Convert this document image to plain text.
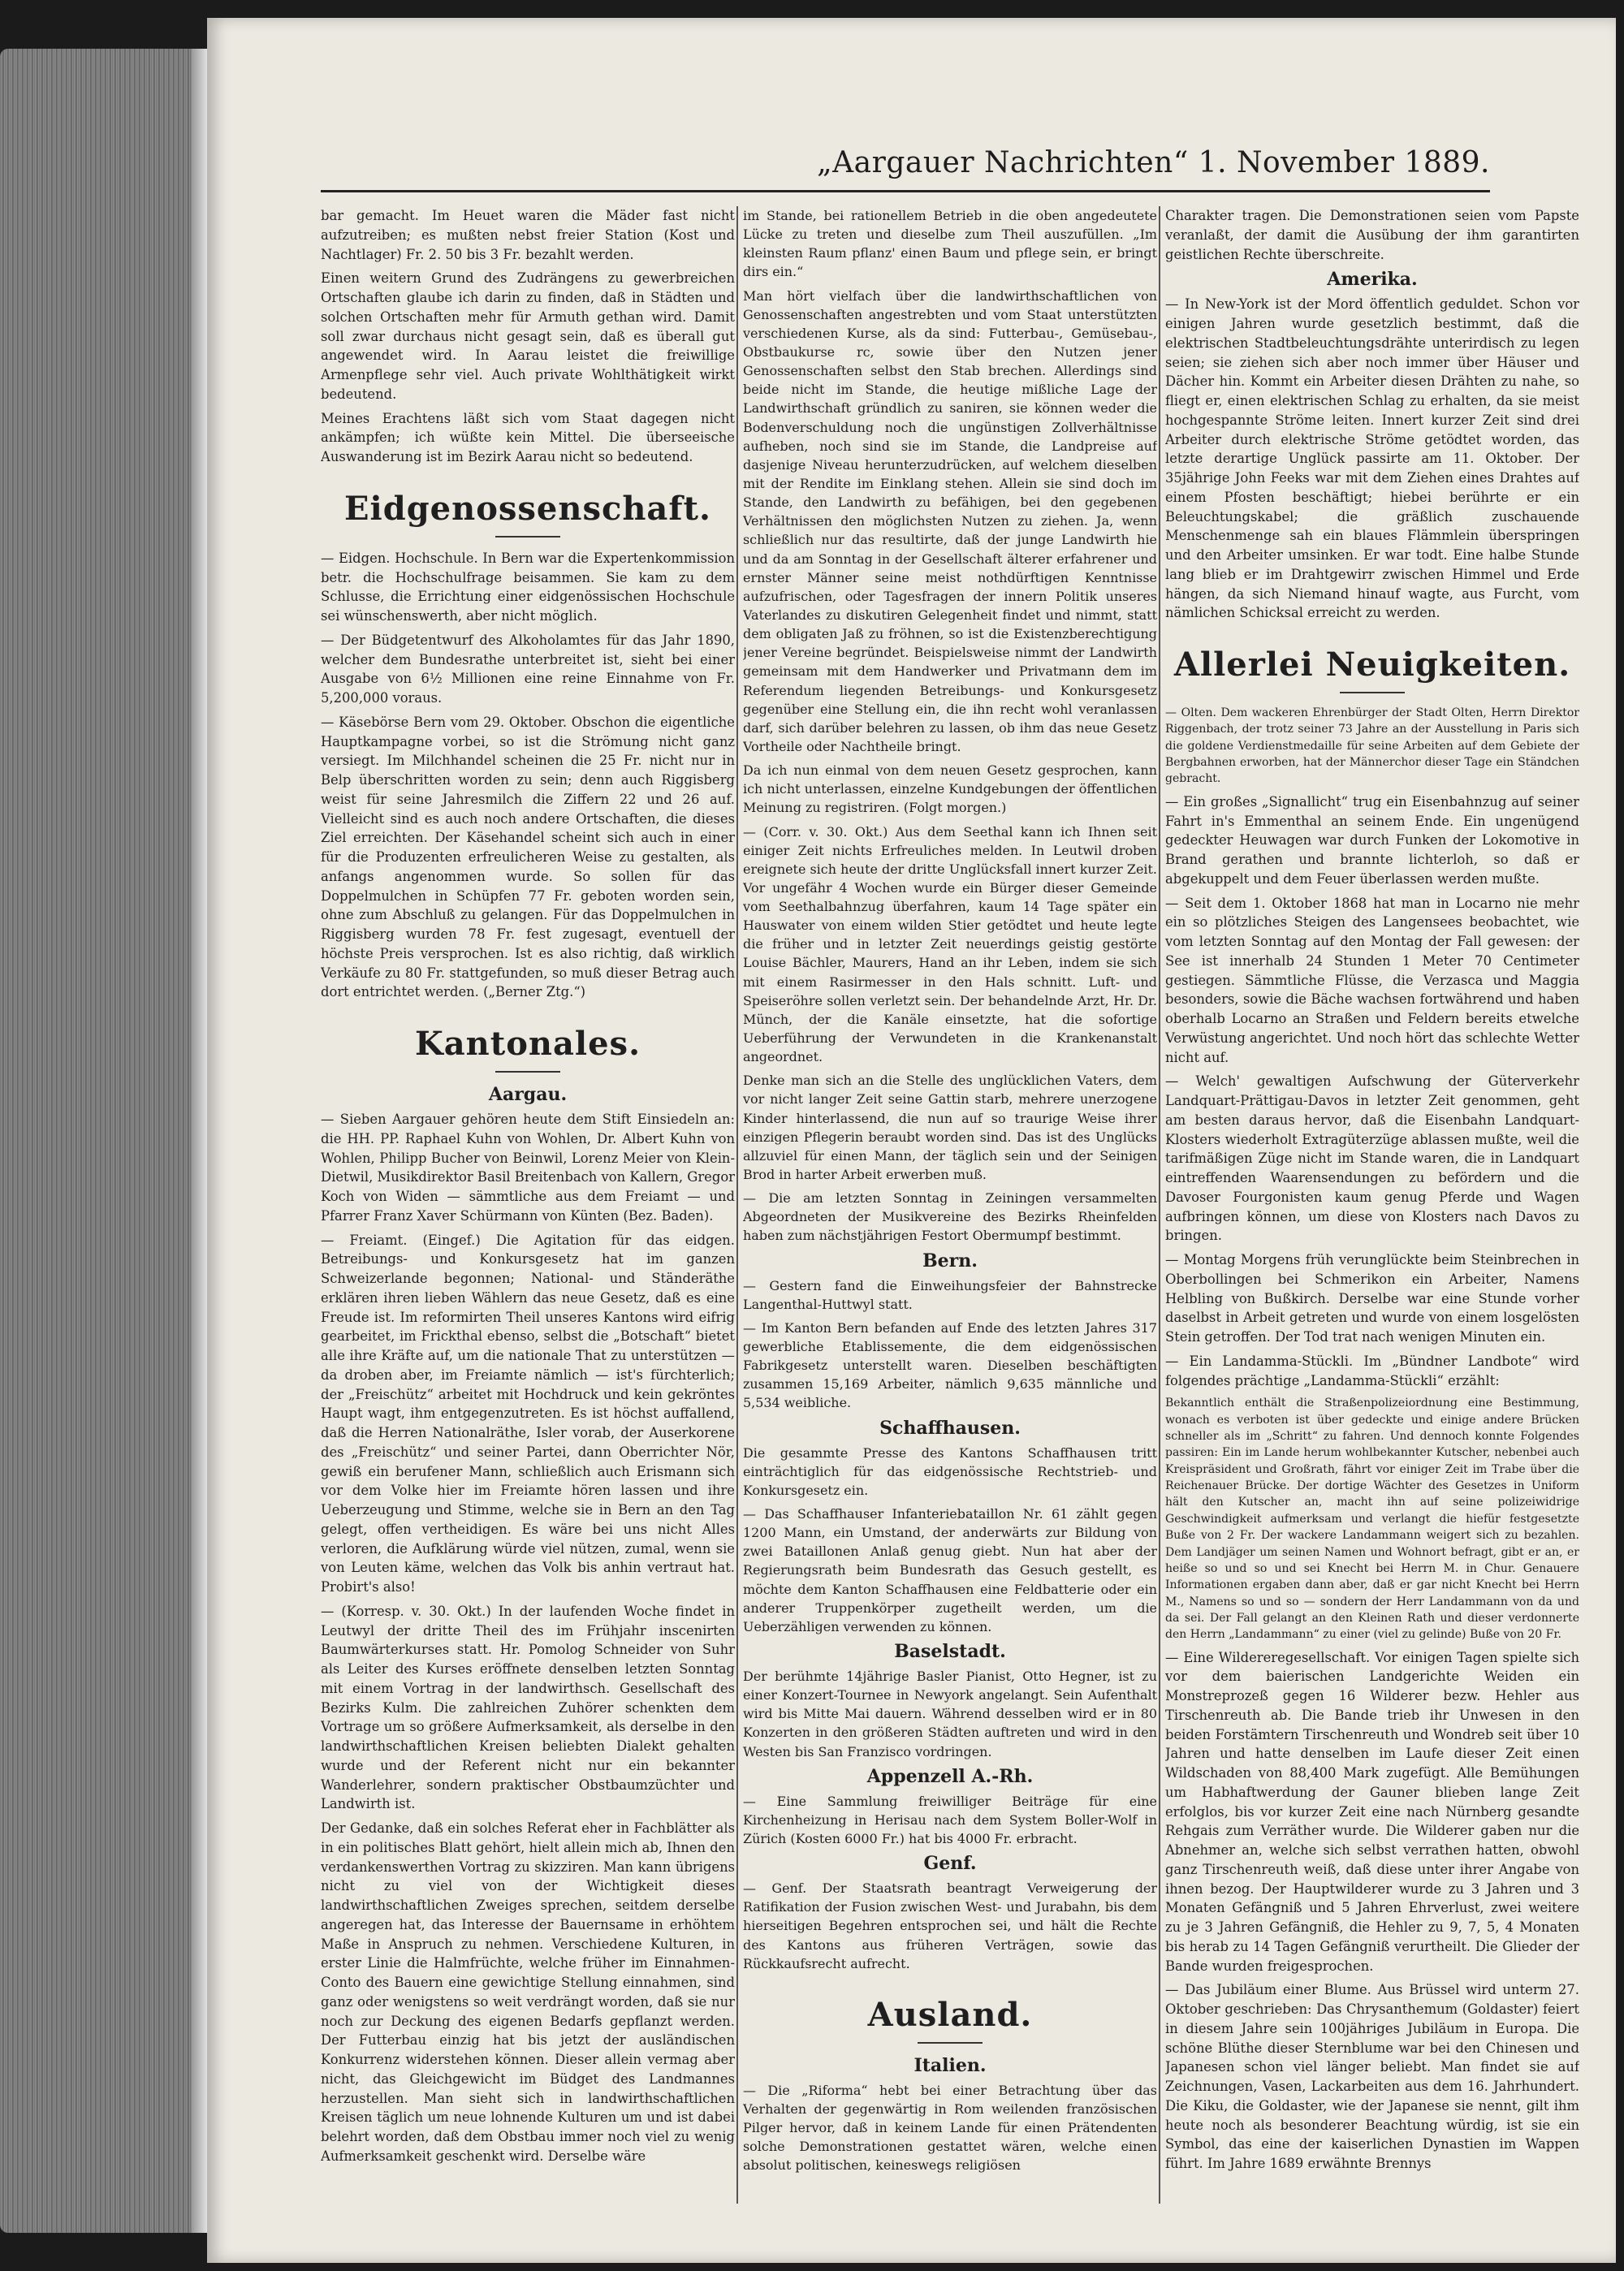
„Aargauer Nachrichten“ 1. November 1889.
bar gemacht. Im Heuet waren die Mäder fast nicht aufzutreiben; es mußten nebst freier Station (Kost und Nachtlager) Fr. 2. 50 bis 3 Fr. bezahlt werden.
Einen weitern Grund des Zudrängens zu gewerbreichen Ortschaften glaube ich darin zu finden, daß in Städten und solchen Ortschaften mehr für Armuth gethan wird. Damit soll zwar durchaus nicht gesagt sein, daß es überall gut angewendet wird. In Aarau leistet die freiwillige Armenpflege sehr viel. Auch private Wohlthätigkeit wirkt bedeutend.
Meines Erachtens läßt sich vom Staat dagegen nicht ankämpfen; ich wüßte kein Mittel. Die überseeische Auswanderung ist im Bezirk Aarau nicht so bedeutend.
Eidgenossenschaft.
— Eidgen. Hochschule. In Bern war die Expertenkommission betr. die Hochschulfrage beisammen. Sie kam zu dem Schlusse, die Errichtung einer eidgenössischen Hochschule sei wünschenswerth, aber nicht möglich.
— Der Büdgetentwurf des Alkoholamtes für das Jahr 1890, welcher dem Bundesrathe unterbreitet ist, sieht bei einer Ausgabe von 6½ Millionen eine reine Einnahme von Fr. 5,200,000 voraus.
— Käsebörse Bern vom 29. Oktober. Obschon die eigentliche Hauptkampagne vorbei, so ist die Strömung nicht ganz versiegt. Im Milchhandel scheinen die 25 Fr. nicht nur in Belp überschritten worden zu sein; denn auch Riggisberg weist für seine Jahresmilch die Ziffern 22 und 26 auf. Vielleicht sind es auch noch andere Ortschaften, die dieses Ziel erreichten. Der Käsehandel scheint sich auch in einer für die Produzenten erfreulicheren Weise zu gestalten, als anfangs angenommen wurde. So sollen für das Doppelmulchen in Schüpfen 77 Fr. geboten worden sein, ohne zum Abschluß zu gelangen. Für das Doppelmulchen in Riggisberg wurden 78 Fr. fest zugesagt, eventuell der höchste Preis versprochen. Ist es also richtig, daß wirklich Verkäufe zu 80 Fr. stattgefunden, so muß dieser Betrag auch dort entrichtet werden. („Berner Ztg.“)
Kantonales.
Aargau.
— Sieben Aargauer gehören heute dem Stift Einsiedeln an: die HH. PP. Raphael Kuhn von Wohlen, Dr. Albert Kuhn von Wohlen, Philipp Bucher von Beinwil, Lorenz Meier von Klein-Dietwil, Musikdirektor Basil Breitenbach von Kallern, Gregor Koch von Widen — sämmtliche aus dem Freiamt — und Pfarrer Franz Xaver Schürmann von Künten (Bez. Baden).
— Freiamt. (Eingef.) Die Agitation für das eidgen. Betreibungs- und Konkursgesetz hat im ganzen Schweizerlande begonnen; National- und Ständeräthe erklären ihren lieben Wählern das neue Gesetz, daß es eine Freude ist. Im reformirten Theil unseres Kantons wird eifrig gearbeitet, im Frickthal ebenso, selbst die „Botschaft“ bietet alle ihre Kräfte auf, um die nationale That zu unterstützen — da droben aber, im Freiamte nämlich — ist's fürchterlich; der „Freischütz“ arbeitet mit Hochdruck und kein gekröntes Haupt wagt, ihm entgegenzutreten. Es ist höchst auffallend, daß die Herren Nationalräthe, Isler vorab, der Auserkorene des „Freischütz“ und seiner Partei, dann Oberrichter Nör, gewiß ein berufener Mann, schließlich auch Erismann sich vor dem Volke hier im Freiamte hören lassen und ihre Ueberzeugung und Stimme, welche sie in Bern an den Tag gelegt, offen vertheidigen. Es wäre bei uns nicht Alles verloren, die Aufklärung würde viel nützen, zumal, wenn sie von Leuten käme, welchen das Volk bis anhin vertraut hat. Probirt's also!
— (Korresp. v. 30. Okt.) In der laufenden Woche findet in Leutwyl der dritte Theil des im Frühjahr inscenirten Baumwärterkurses statt. Hr. Pomolog Schneider von Suhr als Leiter des Kurses eröffnete denselben letzten Sonntag mit einem Vortrag in der landwirthsch. Gesellschaft des Bezirks Kulm. Die zahlreichen Zuhörer schenkten dem Vortrage um so größere Aufmerksamkeit, als derselbe in den landwirthschaftlichen Kreisen beliebten Dialekt gehalten wurde und der Referent nicht nur ein bekannter Wanderlehrer, sondern praktischer Obstbaumzüchter und Landwirth ist.
Der Gedanke, daß ein solches Referat eher in Fachblätter als in ein politisches Blatt gehört, hielt allein mich ab, Ihnen den verdankenswerthen Vortrag zu skizziren. Man kann übrigens nicht zu viel von der Wichtigkeit dieses landwirthschaftlichen Zweiges sprechen, seitdem derselbe angeregen hat, das Interesse der Bauernsame in erhöhtem Maße in Anspruch zu nehmen. Verschiedene Kulturen, in erster Linie die Halmfrüchte, welche früher im Einnahmen-Conto des Bauern eine gewichtige Stellung einnahmen, sind ganz oder wenigstens so weit verdrängt worden, daß sie nur noch zur Deckung des eigenen Bedarfs gepflanzt werden. Der Futterbau einzig hat bis jetzt der ausländischen Konkurrenz widerstehen können. Dieser allein vermag aber nicht, das Gleichgewicht im Büdget des Landmannes herzustellen. Man sieht sich in landwirthschaftlichen Kreisen täglich um neue lohnende Kulturen um und ist dabei belehrt worden, daß dem Obstbau immer noch viel zu wenig Aufmerksamkeit geschenkt wird. Derselbe wäre
im Stande, bei rationellem Betrieb in die oben angedeutete Lücke zu treten und dieselbe zum Theil auszufüllen. „Im kleinsten Raum pflanz' einen Baum und pflege sein, er bringt dirs ein.“
Man hört vielfach über die landwirthschaftlichen von Genossenschaften angestrebten und vom Staat unterstützten verschiedenen Kurse, als da sind: Futterbau-, Gemüsebau-, Obstbaukurse rc, sowie über den Nutzen jener Genossenschaften selbst den Stab brechen. Allerdings sind beide nicht im Stande, die heutige mißliche Lage der Landwirthschaft gründlich zu saniren, sie können weder die Bodenverschuldung noch die ungünstigen Zollverhältnisse aufheben, noch sind sie im Stande, die Landpreise auf dasjenige Niveau herunterzudrücken, auf welchem dieselben mit der Rendite im Einklang stehen. Allein sie sind doch im Stande, den Landwirth zu befähigen, bei den gegebenen Verhältnissen den möglichsten Nutzen zu ziehen. Ja, wenn schließlich nur das resultirte, daß der junge Landwirth hie und da am Sonntag in der Gesellschaft älterer erfahrener und ernster Männer seine meist nothdürftigen Kenntnisse aufzufrischen, oder Tagesfragen der innern Politik unseres Vaterlandes zu diskutiren Gelegenheit findet und nimmt, statt dem obligaten Jaß zu fröhnen, so ist die Existenzberechtigung jener Vereine begründet. Beispielsweise nimmt der Landwirth gemeinsam mit dem Handwerker und Privatmann dem im Referendum liegenden Betreibungs- und Konkursgesetz gegenüber eine Stellung ein, die ihn recht wohl veranlassen darf, sich darüber belehren zu lassen, ob ihm das neue Gesetz Vortheile oder Nachtheile bringt.
Da ich nun einmal von dem neuen Gesetz gesprochen, kann ich nicht unterlassen, einzelne Kundgebungen der öffentlichen Meinung zu registriren. (Folgt morgen.)
— (Corr. v. 30. Okt.) Aus dem Seethal kann ich Ihnen seit einiger Zeit nichts Erfreuliches melden. In Leutwil droben ereignete sich heute der dritte Unglücksfall innert kurzer Zeit. Vor ungefähr 4 Wochen wurde ein Bürger dieser Gemeinde vom Seethalbahnzug überfahren, kaum 14 Tage später ein Hauswater von einem wilden Stier getödtet und heute legte die früher und in letzter Zeit neuerdings geistig gestörte Louise Bächler, Maurers, Hand an ihr Leben, indem sie sich mit einem Rasirmesser in den Hals schnitt. Luft- und Speiseröhre sollen verletzt sein. Der behandelnde Arzt, Hr. Dr. Münch, der die Kanäle einsetzte, hat die sofortige Ueberführung der Verwundeten in die Krankenanstalt angeordnet.
Denke man sich an die Stelle des unglücklichen Vaters, dem vor nicht langer Zeit seine Gattin starb, mehrere unerzogene Kinder hinterlassend, die nun auf so traurige Weise ihrer einzigen Pflegerin beraubt worden sind. Das ist des Unglücks allzuviel für einen Mann, der täglich sein und der Seinigen Brod in harter Arbeit erwerben muß.
— Die am letzten Sonntag in Zeiningen versammelten Abgeordneten der Musikvereine des Bezirks Rheinfelden haben zum nächstjährigen Festort Obermumpf bestimmt.
Bern.
— Gestern fand die Einweihungsfeier der Bahnstrecke Langenthal-Huttwyl statt.
— Im Kanton Bern befanden auf Ende des letzten Jahres 317 gewerbliche Etablissemente, die dem eidgenössischen Fabrikgesetz unterstellt waren. Dieselben beschäftigten zusammen 15,169 Arbeiter, nämlich 9,635 männliche und 5,534 weibliche.
Schaffhausen.
Die gesammte Presse des Kantons Schaffhausen tritt einträchtiglich für das eidgenössische Rechtstrieb- und Konkursgesetz ein.
— Das Schaffhauser Infanteriebataillon Nr. 61 zählt gegen 1200 Mann, ein Umstand, der anderwärts zur Bildung von zwei Bataillonen Anlaß genug giebt. Nun hat aber der Regierungsrath beim Bundesrath das Gesuch gestellt, es möchte dem Kanton Schaffhausen eine Feldbatterie oder ein anderer Truppenkörper zugetheilt werden, um die Ueberzähligen verwenden zu können.
Baselstadt.
Der berühmte 14jährige Basler Pianist, Otto Hegner, ist zu einer Konzert-Tournee in Newyork angelangt. Sein Aufenthalt wird bis Mitte Mai dauern. Während desselben wird er in 80 Konzerten in den größeren Städten auftreten und wird in den Westen bis San Franzisco vordringen.
Appenzell A.-Rh.
— Eine Sammlung freiwilliger Beiträge für eine Kirchenheizung in Herisau nach dem System Boller-Wolf in Zürich (Kosten 6000 Fr.) hat bis 4000 Fr. erbracht.
Genf.
— Genf. Der Staatsrath beantragt Verweigerung der Ratifikation der Fusion zwischen West- und Jurabahn, bis dem hierseitigen Begehren entsprochen sei, und hält die Rechte des Kantons aus früheren Verträgen, sowie das Rückkaufsrecht aufrecht.
Ausland.
Italien.
— Die „Riforma“ hebt bei einer Betrachtung über das Verhalten der gegenwärtig in Rom weilenden französischen Pilger hervor, daß in keinem Lande für einen Prätendenten solche Demonstrationen gestattet wären, welche einen absolut politischen, keineswegs religiösen
Charakter tragen. Die Demonstrationen seien vom Papste veranlaßt, der damit die Ausübung der ihm garantirten geistlichen Rechte überschreite.
Amerika.
— In New-York ist der Mord öffentlich geduldet. Schon vor einigen Jahren wurde gesetzlich bestimmt, daß die elektrischen Stadtbeleuchtungsdrähte unterirdisch zu legen seien; sie ziehen sich aber noch immer über Häuser und Dächer hin. Kommt ein Arbeiter diesen Drähten zu nahe, so fliegt er, einen elektrischen Schlag zu erhalten, da sie meist hochgespannte Ströme leiten. Innert kurzer Zeit sind drei Arbeiter durch elektrische Ströme getödtet worden, das letzte derartige Unglück passirte am 11. Oktober. Der 35jährige John Feeks war mit dem Ziehen eines Drahtes auf einem Pfosten beschäftigt; hiebei berührte er ein Beleuchtungskabel; die gräßlich zuschauende Menschenmenge sah ein blaues Flämmlein überspringen und den Arbeiter umsinken. Er war todt. Eine halbe Stunde lang blieb er im Drahtgewirr zwischen Himmel und Erde hängen, da sich Niemand hinauf wagte, aus Furcht, vom nämlichen Schicksal erreicht zu werden.
Allerlei Neuigkeiten.
— Olten. Dem wackeren Ehrenbürger der Stadt Olten, Herrn Direktor Riggenbach, der trotz seiner 73 Jahre an der Ausstellung in Paris sich die goldene Verdienstmedaille für seine Arbeiten auf dem Gebiete der Bergbahnen erworben, hat der Männerchor dieser Tage ein Ständchen gebracht.
— Ein großes „Signallicht“ trug ein Eisenbahnzug auf seiner Fahrt in's Emmenthal an seinem Ende. Ein ungenügend gedeckter Heuwagen war durch Funken der Lokomotive in Brand gerathen und brannte lichterloh, so daß er abgekuppelt und dem Feuer überlassen werden mußte.
— Seit dem 1. Oktober 1868 hat man in Locarno nie mehr ein so plötzliches Steigen des Langensees beobachtet, wie vom letzten Sonntag auf den Montag der Fall gewesen: der See ist innerhalb 24 Stunden 1 Meter 70 Centimeter gestiegen. Sämmtliche Flüsse, die Verzasca und Maggia besonders, sowie die Bäche wachsen fortwährend und haben oberhalb Locarno an Straßen und Feldern bereits etwelche Verwüstung angerichtet. Und noch hört das schlechte Wetter nicht auf.
— Welch' gewaltigen Aufschwung der Güterverkehr Landquart-Prättigau-Davos in letzter Zeit genommen, geht am besten daraus hervor, daß die Eisenbahn Landquart-Klosters wiederholt Extragüterzüge ablassen mußte, weil die tarifmäßigen Züge nicht im Stande waren, die in Landquart eintreffenden Waarensendungen zu befördern und die Davoser Fourgonisten kaum genug Pferde und Wagen aufbringen können, um diese von Klosters nach Davos zu bringen.
— Montag Morgens früh verunglückte beim Steinbrechen in Oberbollingen bei Schmerikon ein Arbeiter, Namens Helbling von Bußkirch. Derselbe war eine Stunde vorher daselbst in Arbeit getreten und wurde von einem losgelösten Stein getroffen. Der Tod trat nach wenigen Minuten ein.
— Ein Landamma-Stückli. Im „Bündner Landbote“ wird folgendes prächtige „Landamma-Stückli“ erzählt:
Bekanntlich enthält die Straßenpolizeiordnung eine Bestimmung, wonach es verboten ist über gedeckte und einige andere Brücken schneller als im „Schritt“ zu fahren. Und dennoch konnte Folgendes passiren: Ein im Lande herum wohlbekannter Kutscher, nebenbei auch Kreispräsident und Großrath, fährt vor einiger Zeit im Trabe über die Reichenauer Brücke. Der dortige Wächter des Gesetzes in Uniform hält den Kutscher an, macht ihn auf seine polizeiwidrige Geschwindigkeit aufmerksam und verlangt die hiefür festgesetzte Buße von 2 Fr. Der wackere Landammann weigert sich zu bezahlen. Dem Landjäger um seinen Namen und Wohnort befragt, gibt er an, er heiße so und so und sei Knecht bei Herrn M. in Chur. Genauere Informationen ergaben dann aber, daß er gar nicht Knecht bei Herrn M., Namens so und so — sondern der Herr Landammann von da und da sei. Der Fall gelangt an den Kleinen Rath und dieser verdonnerte den Herrn „Landammann“ zu einer (viel zu gelinde) Buße von 20 Fr.
— Eine Wildereregesellschaft. Vor einigen Tagen spielte sich vor dem baierischen Landgerichte Weiden ein Monstreprozeß gegen 16 Wilderer bezw. Hehler aus Tirschenreuth ab. Die Bande trieb ihr Unwesen in den beiden Forstämtern Tirschenreuth und Wondreb seit über 10 Jahren und hatte denselben im Laufe dieser Zeit einen Wildschaden von 88,400 Mark zugefügt. Alle Bemühungen um Habhaftwerdung der Gauner blieben lange Zeit erfolglos, bis vor kurzer Zeit eine nach Nürnberg gesandte Rehgais zum Verräther wurde. Die Wilderer gaben nur die Abnehmer an, welche sich selbst verrathen hatten, obwohl ganz Tirschenreuth weiß, daß diese unter ihrer Angabe von ihnen bezog. Der Hauptwilderer wurde zu 3 Jahren und 3 Monaten Gefängniß und 5 Jahren Ehrverlust, zwei weitere zu je 3 Jahren Gefängniß, die Hehler zu 9, 7, 5, 4 Monaten bis herab zu 14 Tagen Gefängniß verurtheilt. Die Glieder der Bande wurden freigesprochen.
— Das Jubiläum einer Blume. Aus Brüssel wird unterm 27. Oktober geschrieben: Das Chrysanthemum (Goldaster) feiert in diesem Jahre sein 100jähriges Jubiläum in Europa. Die schöne Blüthe dieser Sternblume war bei den Chinesen und Japanesen schon viel länger beliebt. Man findet sie auf Zeichnungen, Vasen, Lackarbeiten aus dem 16. Jahrhundert. Die Kiku, die Goldaster, wie der Japanese sie nennt, gilt ihm heute noch als besonderer Beachtung würdig, ist sie ein Symbol, das eine der kaiserlichen Dynastien im Wappen führt. Im Jahre 1689 erwähnte Brennys
